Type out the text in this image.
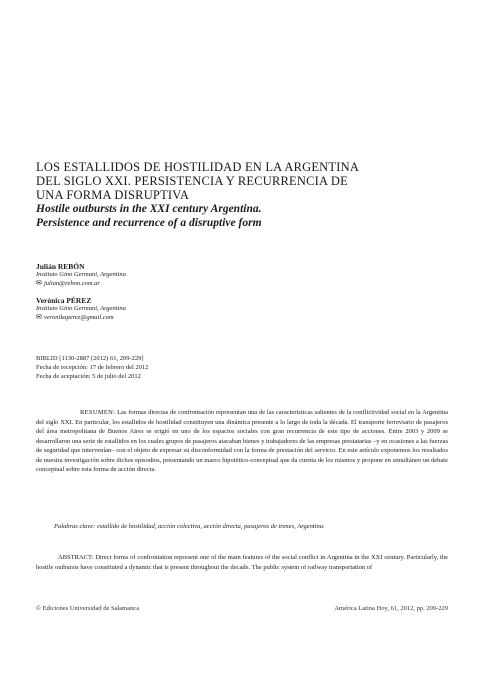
LOS ESTALLIDOS DE HOSTILIDAD EN LA ARGENTINA
DEL SIGLO XXI. PERSISTENCIA Y RECURRENCIA DE
UNA FORMA DISRUPTIVA
Hostile outbursts in the XXI century Argentina.
Persistence and recurrence of a disruptive form
Julián REBÓN
Instituto Gino Germani, Argentina
✉ julian@rebon.com.ar
Verónica PÉREZ
Instituto Gino Germani, Argentina
✉ veronikaperez@gmail.com
BIBLID [1130-2887 (2012) 61, 209-229]
Fecha de recepción: 17 de febrero del 2012
Fecha de aceptación: 5 de julio del 2012

RESUMEN: Las formas directas de confrontación representan una de las características salientes de la conflictividad social en la Argentina del siglo XXI. En particular, los estallidos de hostilidad constituyen una dinámica presente a lo largo de toda la década. El transporte ferroviario de pasajeros del área metropolitana de Buenos Aires se erigió en uno de los espacios sociales con gran recurrencia de este tipo de acciones. Entre 2003 y 2009 se desarrollaron una serie de estallidos en los cuales grupos de pasajeros atacaban bienes y trabajadores de las empresas prestatarias –y en ocasiones a las fuerzas de seguridad que intervenían– con el objeto de expresar su disconformidad con la forma de prestación del servicio. En este artículo exponemos los resultados de nuestra investigación sobre dichos episodios, presentando un marco hipotético-conceptual que da cuenta de los mismos y propone en simultáneo un debate conceptual sobre esta forma de acción directa.

Palabras clave: estallido de hostilidad, acción colectiva, acción directa, pasajeros de trenes, Argentina.

ABSTRACT: Direct forms of confrontation represent one of the main features of the social conflict in Argentina in the XXI century. Particularly, the hostile outbursts have constituted a dynamic that is present throughout the decade. The public system of railway transportation of

© Ediciones Universidad de Salamanca	América Latina Hoy, 61, 2012, pp. 209-229
